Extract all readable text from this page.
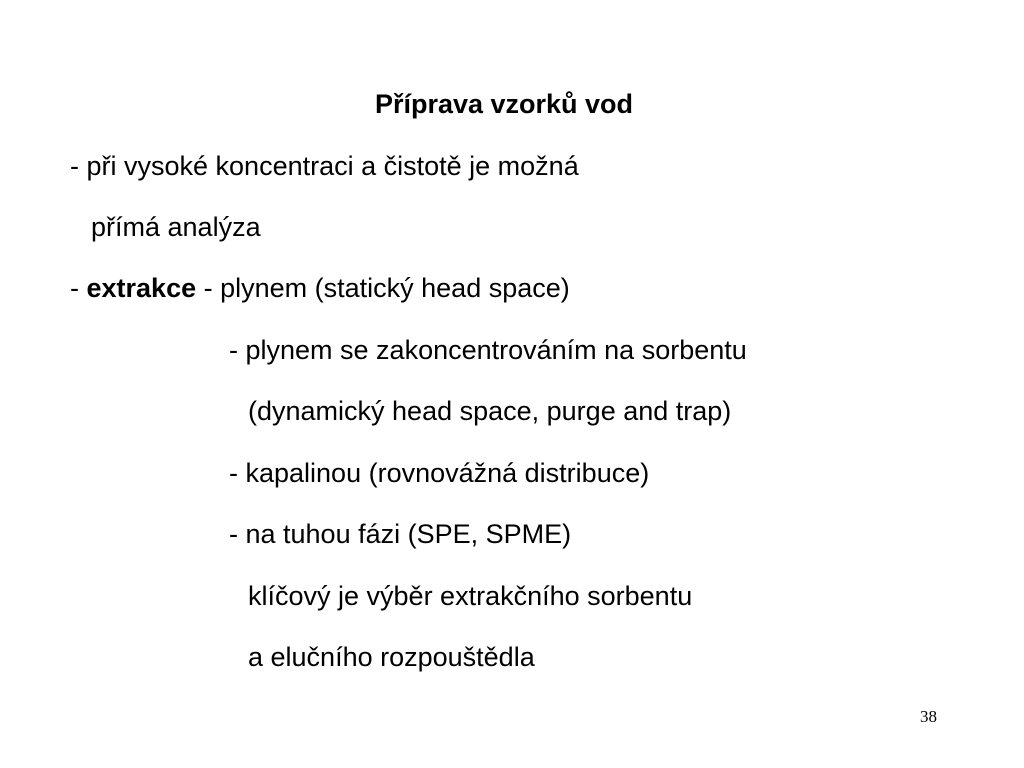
Příprava vzorků vod
- při vysoké koncentraci a čistotě je možná
přímá analýza
- extrakce - plynem (statický head space)
- plynem se zakoncentrováním na sorbentu
(dynamický head space, purge and trap)
- kapalinou (rovnovážná distribuce)
- na tuhou fázi (SPE, SPME)
klíčový je výběr extrakčního sorbentu
a elučního rozpouštědla
38
